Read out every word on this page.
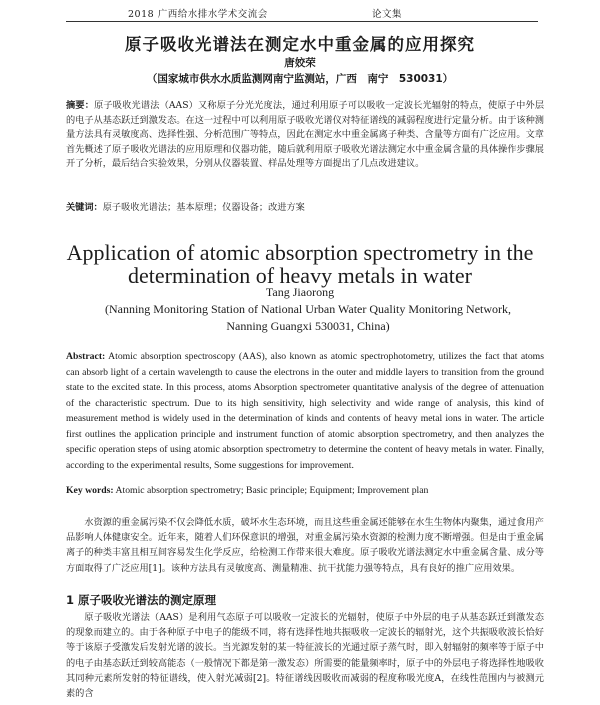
2018 广西给水排水学术交流会	论文集
原子吸收光谱法在测定水中重金属的应用探究
唐姣荣
（国家城市供水水质监测网南宁监测站，广西　南宁　530031）
摘要：原子吸收光谱法（AAS）又称原子分光光度法，通过利用原子可以吸收一定波长光辐射的特点，使原子中外层的电子从基态跃迁到激发态。在这一过程中可以利用原子吸收光谱仪对特征谱线的减弱程度进行定量分析。由于该种测量方法具有灵敏度高、选择性强、分析范围广等特点，因此在测定水中重金属离子种类、含量等方面有广泛应用。文章首先概述了原子吸收光谱法的应用原理和仪器功能，随后就利用原子吸收光谱法测定水中重金属含量的具体操作步骤展开了分析，最后结合实验效果，分别从仪器装置、样品处理等方面提出了几点改进建议。
关键词：原子吸收光谱法；基本原理；仪器设备；改进方案
Application of atomic absorption spectrometry in the
determination of heavy metals in water
Tang Jiaorong
(Nanning Monitoring Station of National Urban Water Quality Monitoring Network,
Nanning Guangxi 530031, China)
Abstract: Atomic absorption spectroscopy (AAS), also known as atomic spectrophotometry, utilizes the fact that atoms can absorb light of a certain wavelength to cause the electrons in the outer and middle layers to transition from the ground state to the excited state. In this process, atoms Absorption spectrometer quantitative analysis of the degree of attenuation of the characteristic spectrum. Due to its high sensitivity, high selectivity and wide range of analysis, this kind of measurement method is widely used in the determination of kinds and contents of heavy metal ions in water. The article first outlines the application principle and instrument function of atomic absorption spectrometry, and then analyzes the specific operation steps of using atomic absorption spectrometry to determine the content of heavy metals in water. Finally, according to the experimental results, Some suggestions for improvement.
Key words: Atomic absorption spectrometry; Basic principle; Equipment; Improvement plan
水资源的重金属污染不仅会降低水质，破坏水生态环境，而且这些重金属还能够在水生生物体内聚集，通过食用产品影响人体健康安全。近年来，随着人们环保意识的增强，对重金属污染水资源的检测力度不断增强。但是由于重金属离子的种类丰富且相互间容易发生化学反应，给检测工作带来很大难度。原子吸收光谱法测定水中重金属含量、成分等方面取得了广泛应用[1]。该种方法具有灵敏度高、测量精准、抗干扰能力强等特点，具有良好的推广应用效果。
1 原子吸收光谱法的测定原理
原子吸收光谱法（AAS）是利用气态原子可以吸收一定波长的光辐射，使原子中外层的电子从基态跃迁到激发态的现象而建立的。由于各种原子中电子的能级不同，将有选择性地共振吸收一定波长的辐射光，这个共振吸收波长恰好等于该原子受激发后发射光谱的波长。当光源发射的某一特征波长的光通过原子蒸气时，即入射辐射的频率等于原子中的电子由基态跃迁到较高能态（一般情况下都是第一激发态）所需要的能量频率时，原子中的外层电子将选择性地吸收其同种元素所发射的特征谱线，使入射光减弱[2]。特征谱线因吸收而减弱的程度称吸光度A，在线性范围内与被测元素的含
